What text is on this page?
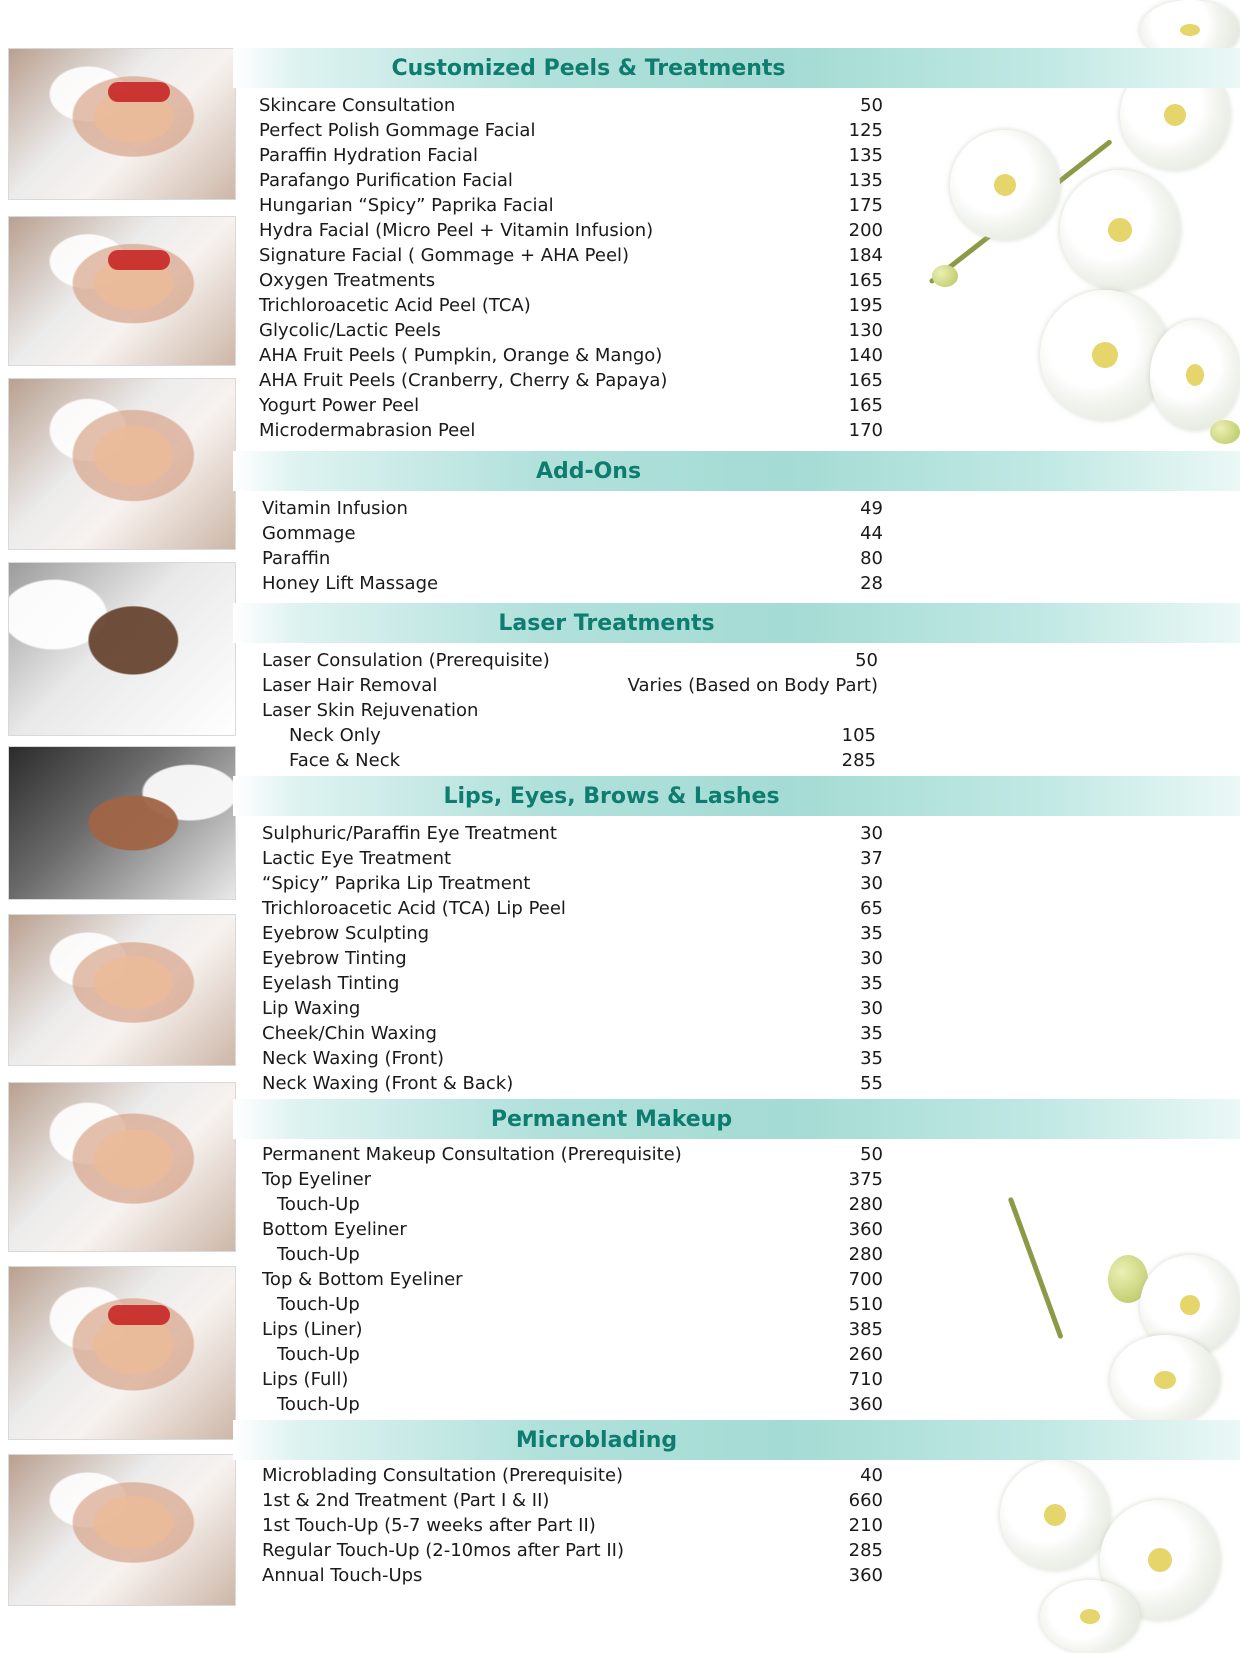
Customized Peels & Treatments
Skincare Consultation	50
Perfect Polish Gommage Facial	125
Paraffin Hydration Facial	135
Parafango Purification Facial	135
Hungarian “Spicy” Paprika Facial	175
Hydra Facial (Micro Peel + Vitamin Infusion)	200
Signature Facial ( Gommage + AHA Peel)	184
Oxygen Treatments	165
Trichloroacetic Acid Peel (TCA)	195
Glycolic/Lactic Peels	130
AHA Fruit Peels ( Pumpkin, Orange & Mango)	140
AHA Fruit Peels (Cranberry, Cherry & Papaya)	165
Yogurt Power Peel	165
Microdermabrasion Peel	170
Add-Ons
Vitamin Infusion	49
Gommage	44
Paraffin	80
Honey Lift Massage	28
Laser Treatments
Laser Consulation (Prerequisite)	50
Laser Hair Removal	Varies (Based on Body Part)
Laser Skin Rejuvenation
Neck Only	105
Face & Neck	285
Lips, Eyes, Brows & Lashes
Sulphuric/Paraffin Eye Treatment	30
Lactic Eye Treatment	37
“Spicy” Paprika Lip Treatment	30
Trichloroacetic Acid (TCA) Lip Peel	65
Eyebrow Sculpting	35
Eyebrow Tinting	30
Eyelash Tinting	35
Lip Waxing	30
Cheek/Chin Waxing	35
Neck Waxing (Front)	35
Neck Waxing (Front & Back)	55
Permanent Makeup
Permanent Makeup Consultation (Prerequisite)	50
Top Eyeliner	375
Touch-Up	280
Bottom Eyeliner	360
Touch-Up	280
Top & Bottom Eyeliner	700
Touch-Up	510
Lips (Liner)	385
Touch-Up	260
Lips (Full)	710
Touch-Up	360
Microblading
Microblading Consultation (Prerequisite)	40
1st & 2nd Treatment (Part I & II)	660
1st Touch-Up (5-7 weeks after Part II)	210
Regular Touch-Up (2-10mos after Part II)	285
Annual Touch-Ups	360
